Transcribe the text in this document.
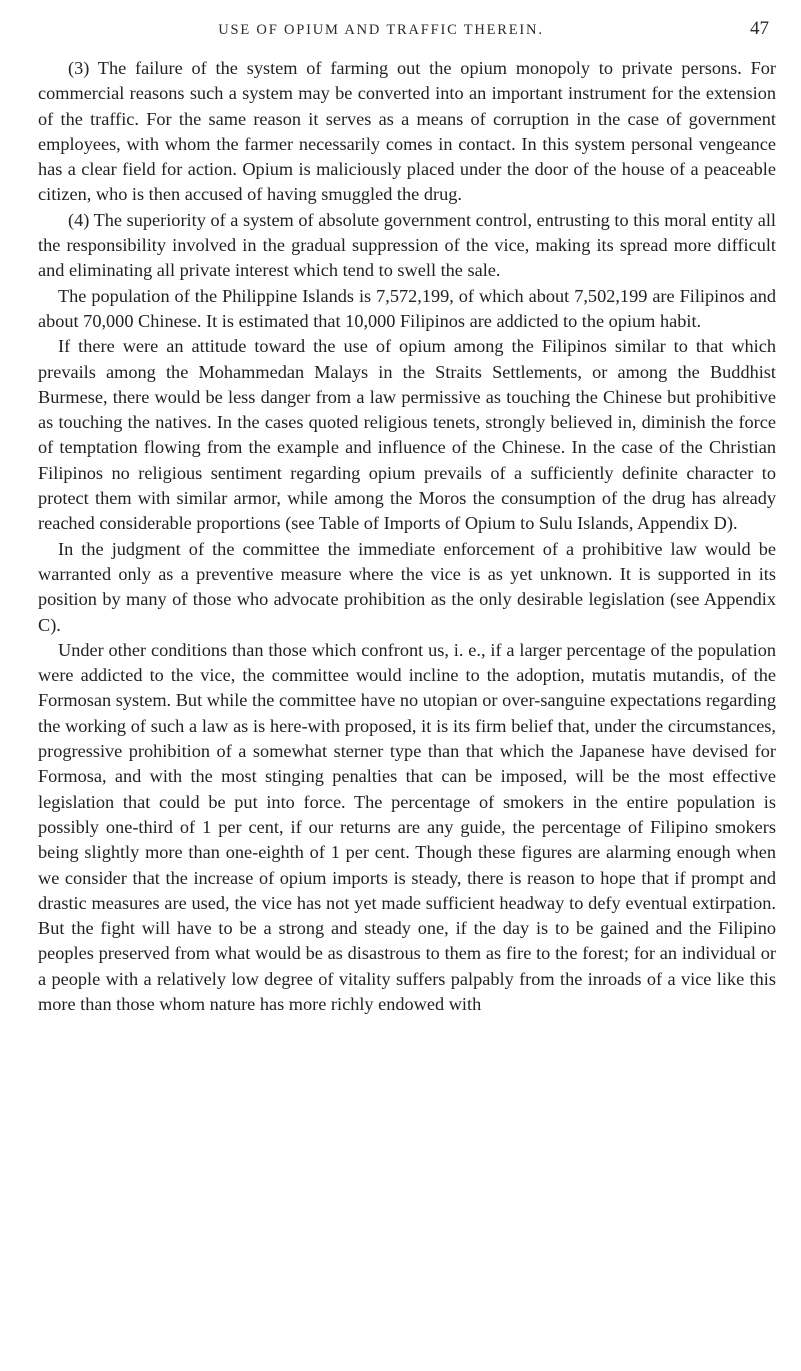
USE OF OPIUM AND TRAFFIC THEREIN.	47

(3) The failure of the system of farming out the opium monopoly to private persons. For commercial reasons such a system may be converted into an important instrument for the extension of the traffic. For the same reason it serves as a means of corruption in the case of government employees, with whom the farmer necessarily comes in contact. In this system personal vengeance has a clear field for action. Opium is maliciously placed under the door of the house of a peaceable citizen, who is then accused of having smuggled the drug.

(4) The superiority of a system of absolute government control, entrusting to this moral entity all the responsibility involved in the gradual suppression of the vice, making its spread more difficult and eliminating all private interest which tend to swell the sale.

The population of the Philippine Islands is 7,572,199, of which about 7,502,199 are Filipinos and about 70,000 Chinese. It is estimated that 10,000 Filipinos are addicted to the opium habit.

If there were an attitude toward the use of opium among the Filipinos similar to that which prevails among the Mohammedan Malays in the Straits Settlements, or among the Buddhist Burmese, there would be less danger from a law permissive as touching the Chinese but prohibitive as touching the natives. In the cases quoted religious tenets, strongly believed in, diminish the force of temptation flowing from the example and influence of the Chinese. In the case of the Christian Filipinos no religious sentiment regarding opium prevails of a sufficiently definite character to protect them with similar armor, while among the Moros the consumption of the drug has already reached considerable proportions (see Table of Imports of Opium to Sulu Islands, Appendix D).

In the judgment of the committee the immediate enforcement of a prohibitive law would be warranted only as a preventive measure where the vice is as yet unknown. It is supported in its position by many of those who advocate prohibition as the only desirable legislation (see Appendix C).

Under other conditions than those which confront us, i. e., if a larger percentage of the population were addicted to the vice, the committee would incline to the adoption, mutatis mutandis, of the Formosan system. But while the committee have no utopian or over-sanguine expectations regarding the working of such a law as is here-with proposed, it is its firm belief that, under the circumstances, progressive prohibition of a somewhat sterner type than that which the Japanese have devised for Formosa, and with the most stinging penalties that can be imposed, will be the most effective legislation that could be put into force. The percentage of smokers in the entire population is possibly one-third of 1 per cent, if our returns are any guide, the percentage of Filipino smokers being slightly more than one-eighth of 1 per cent. Though these figures are alarming enough when we consider that the increase of opium imports is steady, there is reason to hope that if prompt and drastic measures are used, the vice has not yet made sufficient headway to defy eventual extirpation. But the fight will have to be a strong and steady one, if the day is to be gained and the Filipino peoples preserved from what would be as disastrous to them as fire to the forest; for an individual or a people with a relatively low degree of vitality suffers palpably from the inroads of a vice like this more than those whom nature has more richly endowed with
